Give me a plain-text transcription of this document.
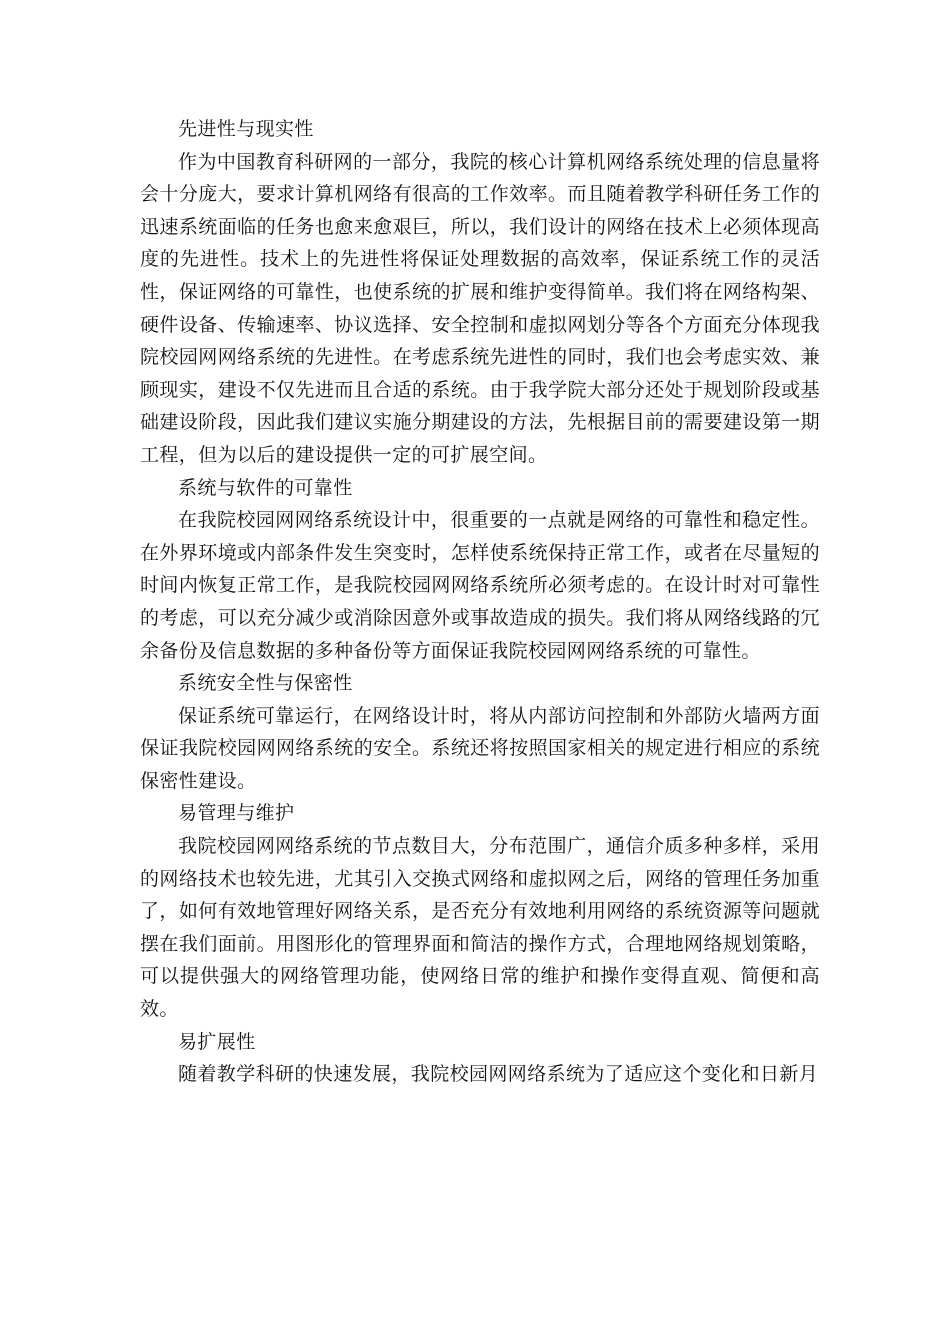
先进性与现实性

作为中国教育科研网的一部分，我院的核心计算机网络系统处理的信息量将会十分庞大，要求计算机网络有很高的工作效率。而且随着教学科研任务工作的迅速系统面临的任务也愈来愈艰巨，所以，我们设计的网络在技术上必须体现高度的先进性。技术上的先进性将保证处理数据的高效率，保证系统工作的灵活性，保证网络的可靠性，也使系统的扩展和维护变得简单。我们将在网络构架、硬件设备、传输速率、协议选择、安全控制和虚拟网划分等各个方面充分体现我院校园网网络系统的先进性。在考虑系统先进性的同时，我们也会考虑实效、兼顾现实，建设不仅先进而且合适的系统。由于我学院大部分还处于规划阶段或基础建设阶段，因此我们建议实施分期建设的方法，先根据目前的需要建设第一期工程，但为以后的建设提供一定的可扩展空间。

系统与软件的可靠性

在我院校园网网络系统设计中，很重要的一点就是网络的可靠性和稳定性。在外界环境或内部条件发生突变时，怎样使系统保持正常工作，或者在尽量短的时间内恢复正常工作，是我院校园网网络系统所必须考虑的。在设计时对可靠性的考虑，可以充分减少或消除因意外或事故造成的损失。我们将从网络线路的冗余备份及信息数据的多种备份等方面保证我院校园网网络系统的可靠性。

系统安全性与保密性

保证系统可靠运行，在网络设计时，将从内部访问控制和外部防火墙两方面保证我院校园网网络系统的安全。系统还将按照国家相关的规定进行相应的系统保密性建设。

易管理与维护

我院校园网网络系统的节点数目大，分布范围广，通信介质多种多样，采用的网络技术也较先进，尤其引入交换式网络和虚拟网之后，网络的管理任务加重了，如何有效地管理好网络关系，是否充分有效地利用网络的系统资源等问题就摆在我们面前。用图形化的管理界面和简洁的操作方式，合理地网络规划策略，可以提供强大的网络管理功能，使网络日常的维护和操作变得直观、简便和高效。

易扩展性

随着教学科研的快速发展，我院校园网网络系统为了适应这个变化和日新月
